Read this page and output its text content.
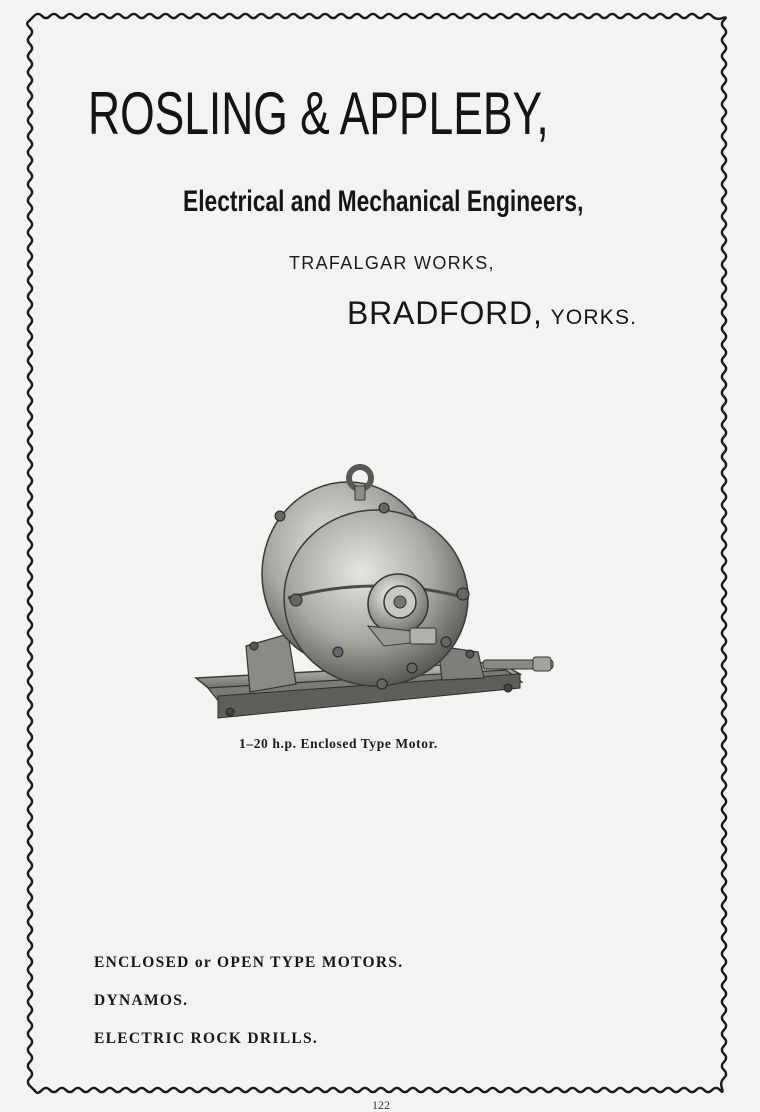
ROSLING & APPLEBY,
Electrical and Mechanical Engineers,
TRAFALGAR WORKS,
BRADFORD, YORKS.
1–20 h.p. Enclosed Type Motor.
ENCLOSED or OPEN TYPE MOTORS.
DYNAMOS.
ELECTRIC ROCK DRILLS.
122
